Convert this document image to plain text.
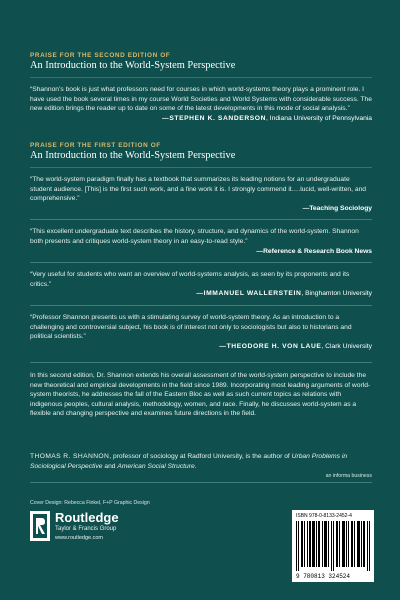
PRAISE FOR THE SECOND EDITION OF

An Introduction to the World-System Perspective

“Shannon’s book is just what professors need for courses in which world-systems theory plays a prominent role. I have used the book several times in my course World Societies and World Systems with considerable success. The new edition brings the reader up to date on some of the latest developments in this mode of social analysis.”

—STEPHEN K. SANDERSON, Indiana University of Pennsylvania

PRAISE FOR THE FIRST EDITION OF

An Introduction to the World-System Perspective

“The world-system paradigm finally has a textbook that summarizes its leading notions for an undergraduate student audience. [This] is the first such work, and a fine work it is. I strongly commend it….lucid, well-written, and comprehensive.”

—Teaching Sociology

“This excellent undergraduate text describes the history, structure, and dynamics of the world-system. Shannon both presents and critiques world-system theory in an easy-to-read style.”

—Reference & Research Book News

“Very useful for students who want an overview of world-systems analysis, as seen by its proponents and its critics.”

—IMMANUEL WALLERSTEIN, Binghamton University

“Professor Shannon presents us with a stimulating survey of world-system theory. As an introduction to a challenging and controversial subject, his book is of interest not only to sociologists but also to historians and political scientists.”

—THEODORE H. VON LAUE, Clark University

In this second edition, Dr. Shannon extends his overall assessment of the world-system perspective to include the new theoretical and empirical developments in the field since 1989. Incorporating most leading arguments of world-system theorists, he addresses the fall of the Eastern Bloc as well as such current topics as relations with indigenous peoples, cultural analysis, methodology, women, and race. Finally, he discusses world-system as a flexible and changing perspective and examines future directions in the field.

THOMAS R. SHANNON, professor of sociology at Radford University, is the author of Urban Problems in Sociological Perspective and American Social Structure.

an informa business

Cover Design: Rebecca Finkel, F+P Graphic Design
Routledge
Taylor & Francis Group
www.routledge.com
ISBN 978-0-8133-2452-4
9 780813 324524
